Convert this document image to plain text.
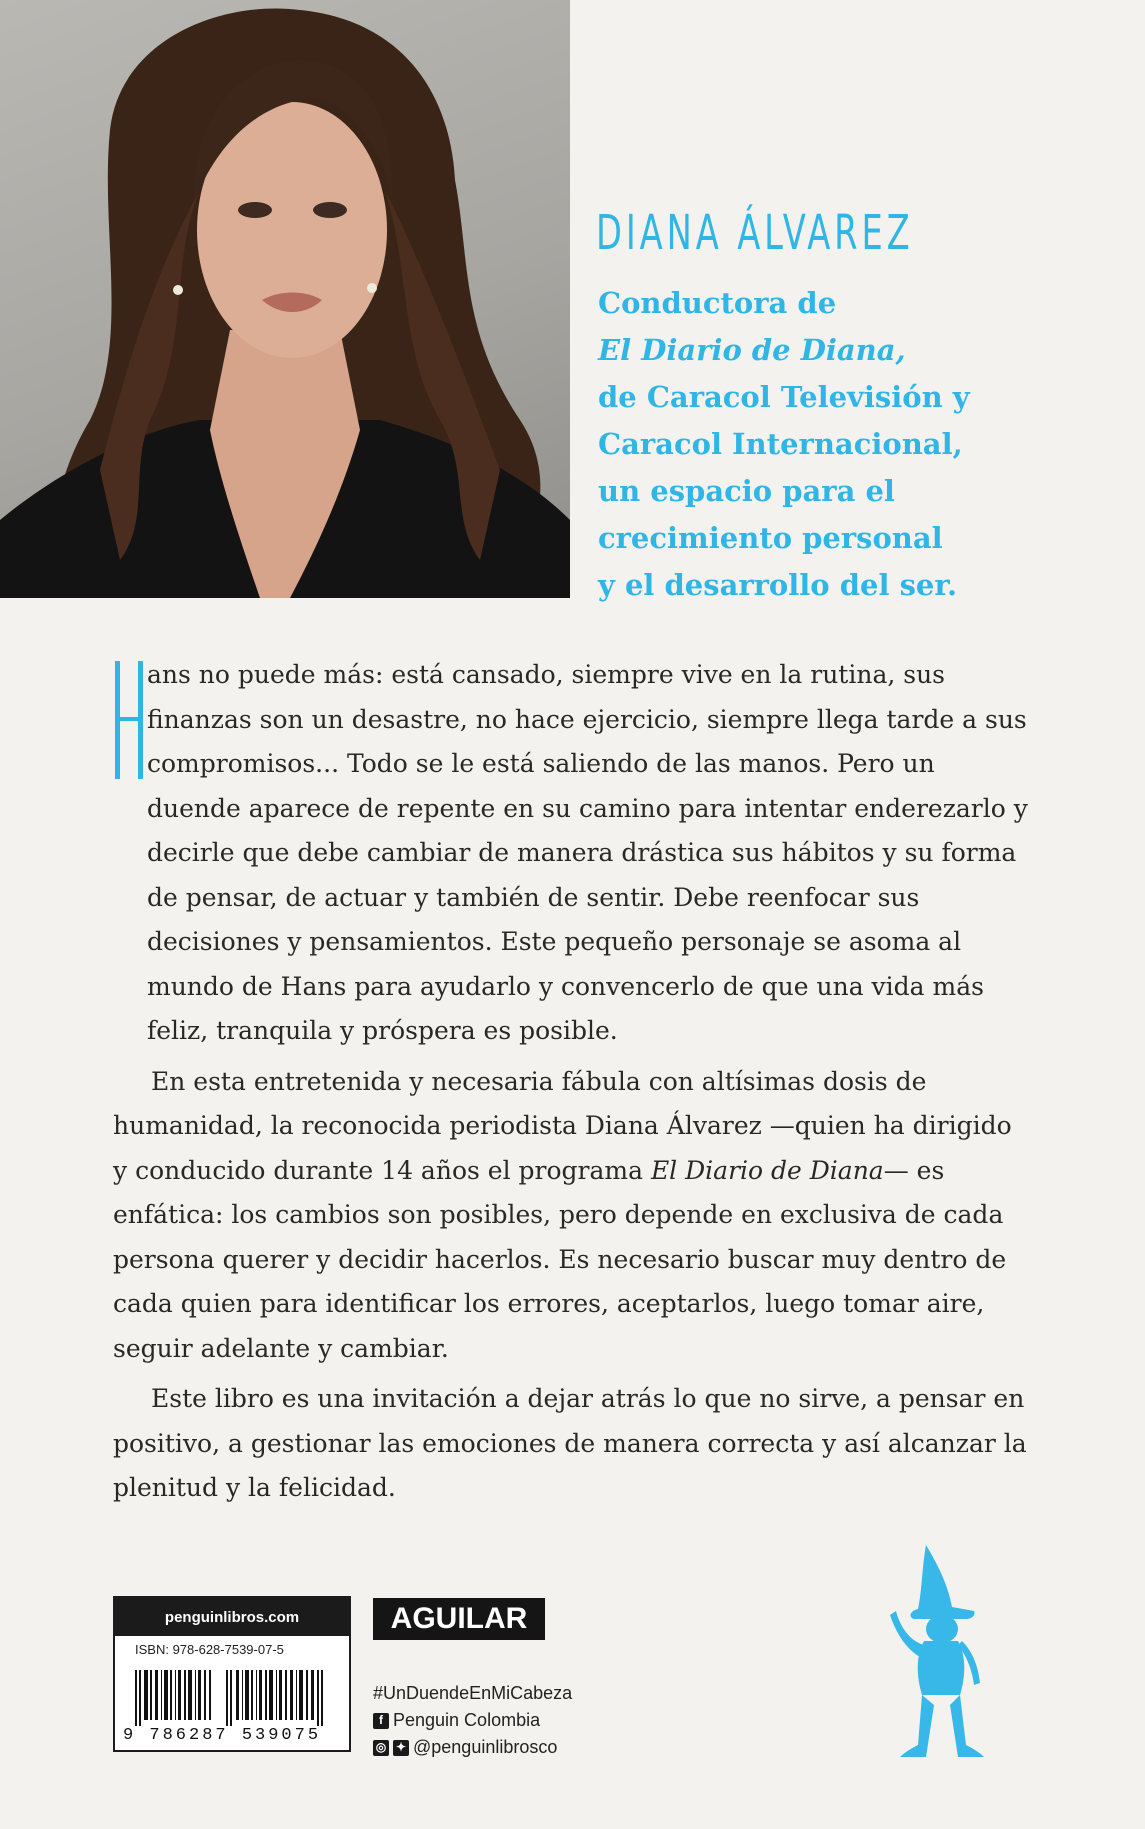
DIANA ÁLVAREZ
Conductora de
El Diario de Diana,
de Caracol Televisión y
Caracol Internacional,
un espacio para el
crecimiento personal
y el desarrollo del ser.
H	ans no puede más: está cansado, siempre vive en la rutina, sus finanzas son un desastre, no hace ejercicio, siempre llega tarde a sus compromisos... Todo se le está saliendo de las manos. Pero un duende aparece de repente en su camino para intentar enderezarlo y decirle que debe cambiar de manera drástica sus hábitos y su forma de pensar, de actuar y también de sentir. Debe reenfocar sus decisiones y pensamientos. Este pequeño personaje se asoma al mundo de Hans para ayudarlo y convencerlo de que una vida más feliz, tranquila y próspera es posible.

En esta entretenida y necesaria fábula con altísimas dosis de humanidad, la reconocida periodista Diana Álvarez —quien ha dirigido y conducido durante 14 años el programa El Diario de Diana— es enfática: los cambios son posibles, pero depende en exclusiva de cada persona querer y decidir hacerlos. Es necesario buscar muy dentro de cada quien para identificar los errores, aceptarlos, luego tomar aire, seguir adelante y cambiar.

Este libro es una invitación a dejar atrás lo que no sirve, a pensar en positivo, a gestionar las emociones de manera correcta y así alcanzar la plenitud y la felicidad.

penguinlibros.com
ISBN: 978-628-7539-07-5
9 786287 539075
AGUILAR
#UnDuendeEnMiCabeza
f Penguin Colombia
◎ ✦ @penguinlibrosco
